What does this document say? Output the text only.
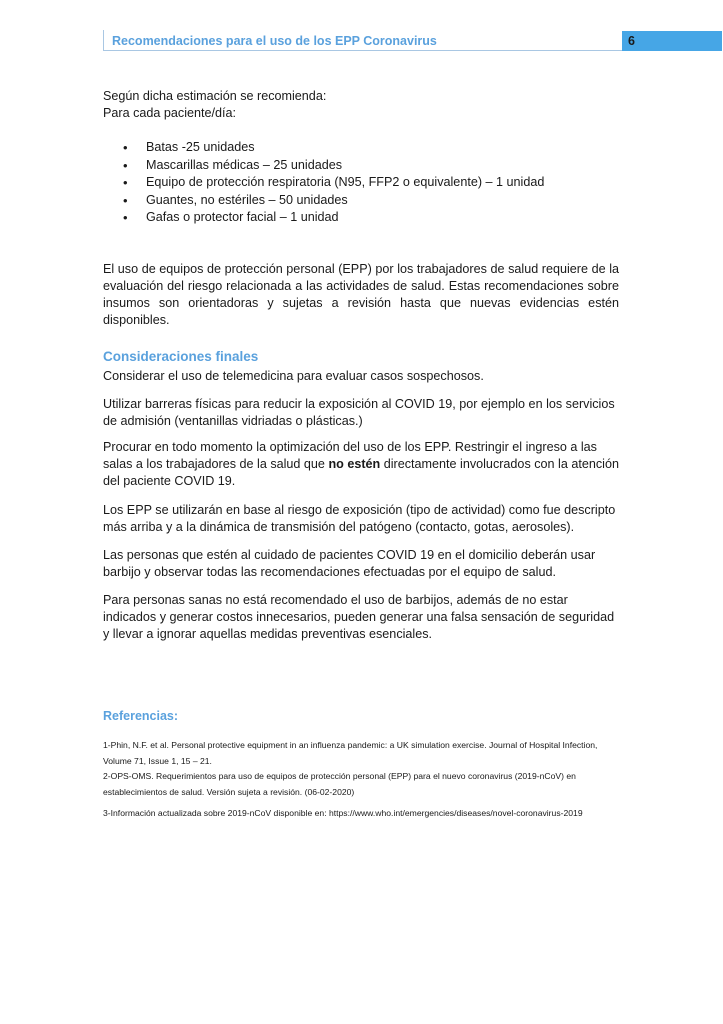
Recomendaciones para el uso de los EPP Coronavirus	6

Según dicha estimación se recomienda:

Para cada paciente/día:

• Batas -25 unidades
• Mascarillas médicas – 25 unidades
• Equipo de protección respiratoria (N95, FFP2 o equivalente) – 1 unidad
• Guantes, no estériles – 50 unidades
• Gafas o protector facial – 1 unidad

El uso de equipos de protección personal (EPP) por los trabajadores de salud requiere de la evaluación del riesgo relacionada a las actividades de salud. Estas recomendaciones sobre insumos son orientadoras y sujetas a revisión hasta que nuevas evidencias estén disponibles.

Consideraciones finales

Considerar el uso de telemedicina para evaluar casos sospechosos.

Utilizar barreras físicas para reducir la exposición al COVID 19, por ejemplo en los servicios de admisión (ventanillas vidriadas o plásticas.)

Procurar en todo momento la optimización del uso de los EPP. Restringir el ingreso a las salas a los trabajadores de la salud que no estén directamente involucrados con la atención del paciente COVID 19.

Los EPP se utilizarán en base al riesgo de exposición (tipo de actividad) como fue descripto más arriba y a la dinámica de transmisión del patógeno (contacto, gotas, aerosoles).

Las personas que estén al cuidado de pacientes COVID 19 en el domicilio deberán usar barbijo y observar todas las recomendaciones efectuadas por el equipo de salud.

Para personas sanas no está recomendado el uso de barbijos, además de no estar indicados y generar costos innecesarios, pueden generar una falsa sensación de seguridad y llevar a ignorar aquellas medidas preventivas esenciales.

Referencias:

1-Phin, N.F. et al. Personal protective equipment in an influenza pandemic: a UK simulation exercise. Journal of Hospital Infection, Volume 71, Issue 1, 15 – 21.

2-OPS-OMS. Requerimientos para uso de equipos de protección personal (EPP) para el nuevo coronavirus (2019-nCoV) en establecimientos de salud. Versión sujeta a revisión. (06-02-2020)

3-Información actualizada sobre 2019-nCoV disponible en: https://www.who.int/emergencies/diseases/novel-coronavirus-2019
